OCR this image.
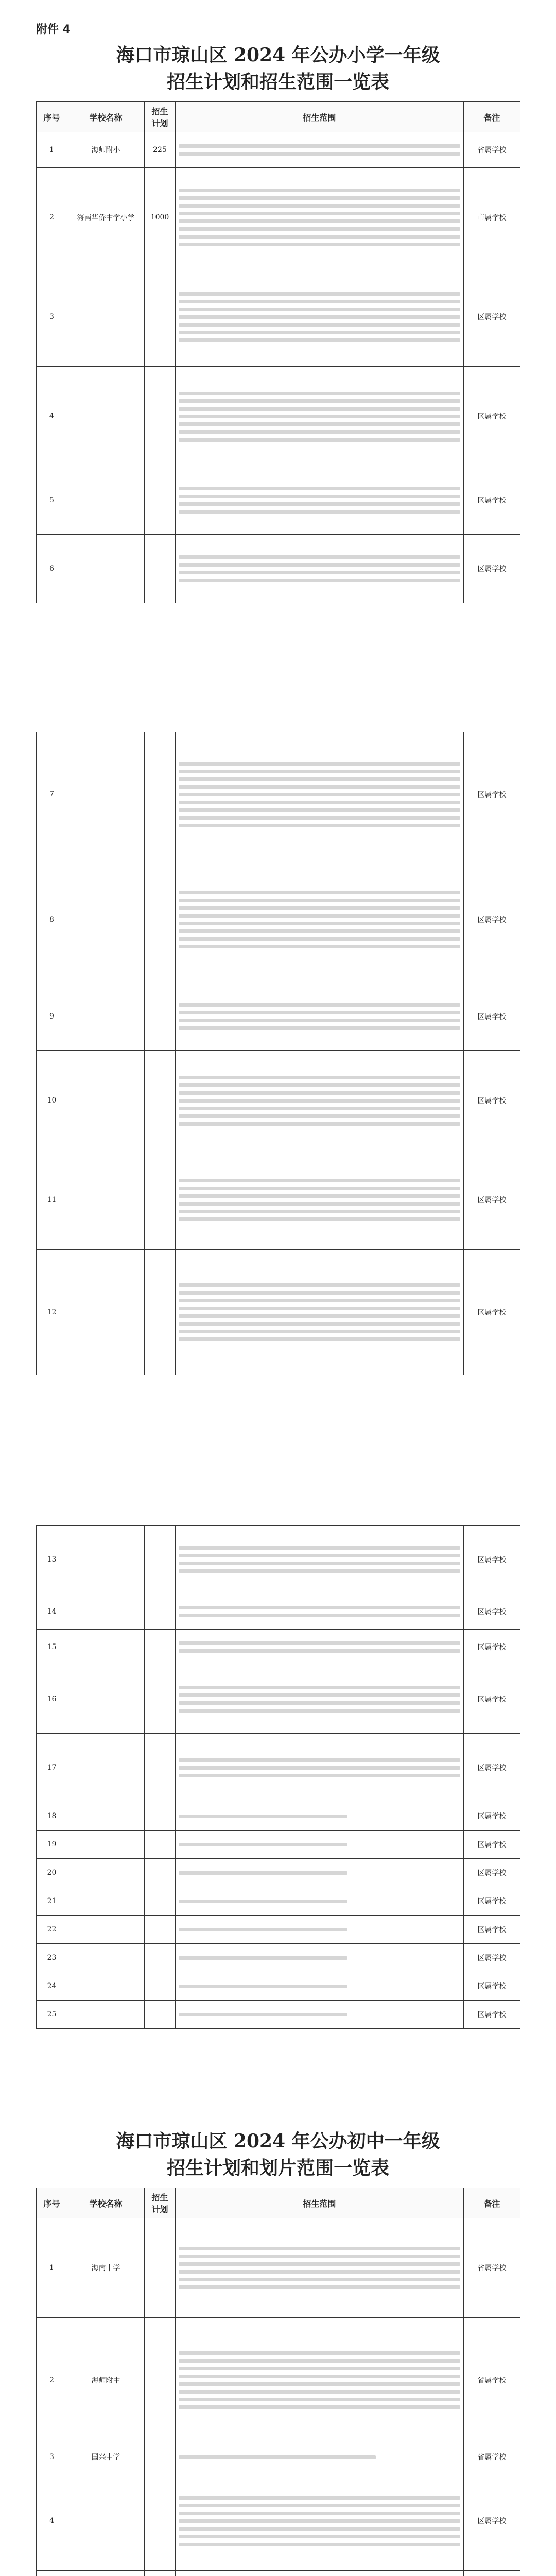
附件 4
海口市琼山区 2024 年公办小学一年级
招生计划和招生范围一览表
序号	学校名称	招生计划	招生范围	备注
1	海师附小	225		省属学校
2	海南华侨中学小学	1000		市属学校
3				区属学校
4				区属学校
5				区属学校
6				区属学校
7				区属学校
8				区属学校
9				区属学校
10				区属学校
11				区属学校
12				区属学校
13				区属学校
14				区属学校
15				区属学校
16				区属学校
17				区属学校
18				区属学校
19				区属学校
20				区属学校
21				区属学校
22				区属学校
23				区属学校
24				区属学校
25				区属学校
海口市琼山区 2024 年公办初中一年级
招生计划和划片范围一览表
序号	学校名称	招生计划	招生范围	备注
1	海南中学			省属学校
2	海师附中			省属学校
3	国兴中学			省属学校
4				区属学校
